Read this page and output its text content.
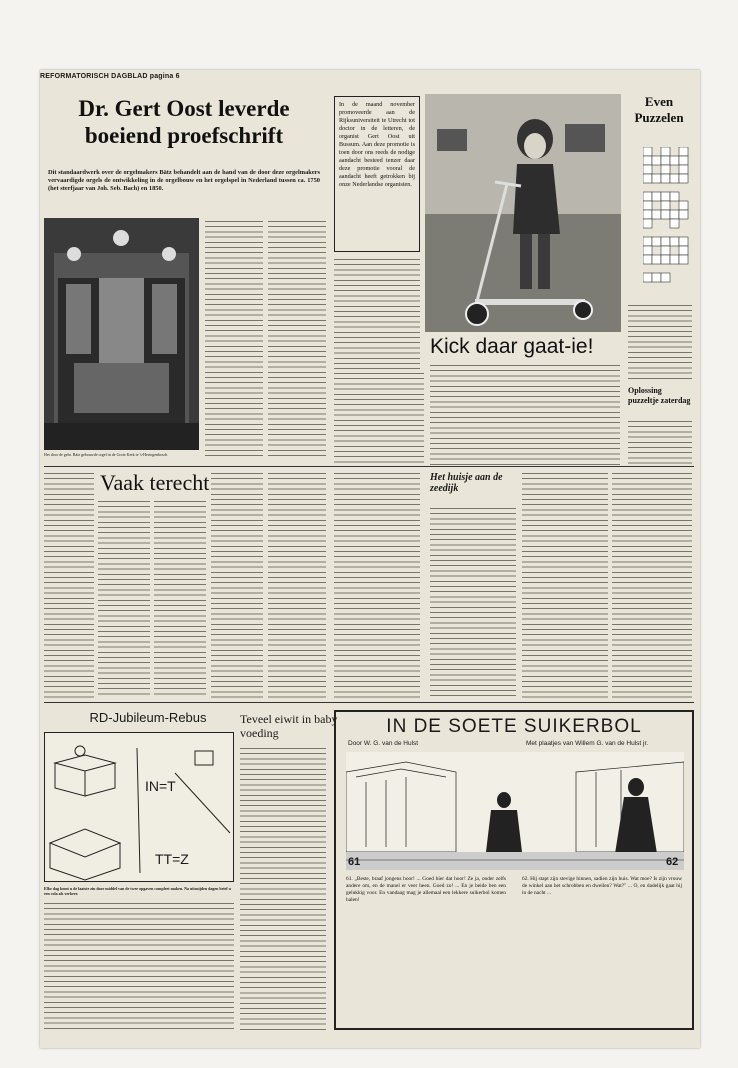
REFORMATORISCH DAGBLAD pagina 6
Dr. Gert Oost leverde boeiend proefschrift
Dit standaardwerk over de orgelmakers Bätz behandelt aan de hand van de door deze orgelmakers vervaardigde orgels de ontwikkeling in de orgelbouw en het orgelspel in Nederland tussen ca. 1750 (het sterfjaar van Joh. Seb. Bach) en 1850.
Het door de gebr. Bätz gebouwde orgel in de Grote Kerk te 's-Hertogenbosch
In de maand november promoveerde aan de Rijksuniversiteit te Utrecht tot doctor in de letteren, de organist Gert Oost uit Bussum. Aan deze promotie is toen door ons reeds de nodige aandacht besteed tenzer daar deze promotie vooral de aandacht heeft getrokken bij onze Nederlandse organisten.
Kick daar gaat-ie!
Even Puzzelen
Oplossing puzzeltje zaterdag
Vaak terecht	Het huisje aan de zeedijk
RD-Jubileum-Rebus
IN=T
TT=Z
Elke dag komt u de laatste zin door middel van de twee opgaven compleet maken. Na uitsnijden dagen brief u een cola als verkeer.
Teveel eiwit in baby voeding	IN DE SOETE SUIKERBOL
Door W. G. van de Hulst	Met plaatjes van Willem G. van de Hulst jr.
61	62
61. „Beste, braaf jongens hoor! ... Goed hier dat hoor! Ze ja, onder zelfs andere om, en de manel er veer heen. Goed zo! ... En je beide ben een gelukkig voor. En vandaag mag je allemaal een lekkere suikerbol komen halen!
62. Hij stapt zijn stevige binnen, sadien zijn huis. Wat moe? Is zijn vrouw de winkel aan het schrobben en dweilen? Wat?" ... O, en dadelijk gaat hij in de nacht ...
